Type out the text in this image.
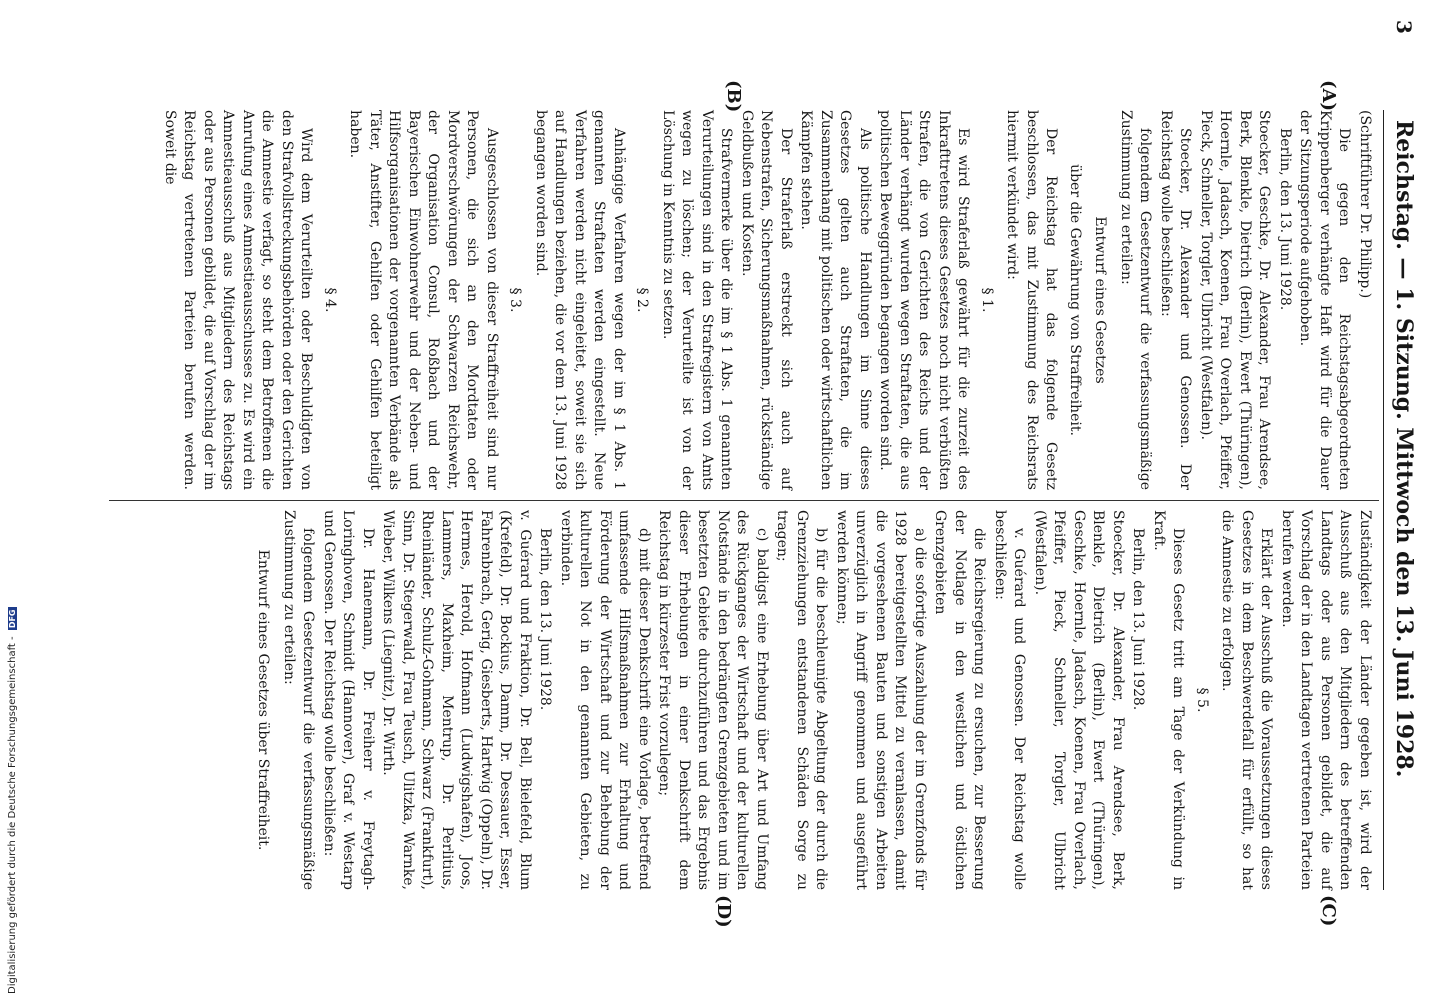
3
Reichstag. — 1. Sitzung. Mittwoch den 13. Juni 1928.
(A)
(B)
(C)
(D)

(Schriftführer Dr. Philipp.)

Die gegen den Reichstagsabgeordneten Krippenberger verhängte Haft wird für die Dauer der Sitzungsperiode aufgehoben.

Berlin, den 13. Juni 1928.

Stoecker, Geschke, Dr. Alexander, Frau Arendsee, Berk, Blenkle, Dietrich (Berlin), Ewert (Thüringen), Hoernle, Jadasch, Koenen, Frau Overlach, Pfeiffer, Pieck, Schneller, Torgler, Ulbricht (Westfalen).

Stoecker, Dr. Alexander und Genossen. Der Reichstag wolle beschließen:

folgendem Gesetzentwurf die verfassungsmäßige Zustimmung zu erteilen:

Entwurf eines Gesetzes

über die Gewährung von Straffreiheit.

Der Reichstag hat das folgende Gesetz beschlossen, das mit Zustimmung des Reichsrats hiermit verkündet wird:

§ 1.

Es wird Straferlaß gewährt für die zurzeit des Inkrafttretens dieses Gesetzes noch nicht verbüßten Strafen, die von Gerichten des Reichs und der Länder verhängt wurden wegen Straftaten, die aus politischen Beweggründen begangen worden sind.

Als politische Handlungen im Sinne dieses Gesetzes gelten auch Straftaten, die im Zusammenhang mit politischen oder wirtschaftlichen Kämpfen stehen.

Der Straferlaß erstreckt sich auch auf Nebenstrafen, Sicherungsmaßnahmen, rückständige Geldbußen und Kosten.

Strafvermerke über die im § 1 Abs. 1 genannten Verurteilungen sind in den Strafregistern von Amts wegen zu löschen; der Verurteilte ist von der Löschung in Kenntnis zu setzen.

§ 2.

Anhängige Verfahren wegen der im § 1 Abs. 1 genannten Straftaten werden eingestellt. Neue Verfahren werden nicht eingeleitet, soweit sie sich auf Handlungen beziehen, die vor dem 13. Juni 1928 begangen worden sind.

§ 3.

Ausgeschlossen von dieser Straffreiheit sind nur Personen, die sich an den Mordtaten oder Mordverschwörungen der Schwarzen Reichswehr, der Organisation Consul, Roßbach und der Bayerischen Einwohnerwehr und der Neben- und Hilfsorganisationen der vorgenannten Verbände als Täter, Anstifter, Gehilfen oder Gehilfen beteiligt haben.

§ 4.

Wird dem Verurteilten oder Beschuldigten von den Strafvollstreckungsbehörden oder den Gerichten die Amnestie verfagt, so steht dem Betroffenen die Anrufung eines Amnestieausschusses zu. Es wird ein Amnestieausschuß aus Mitgliedern des Reichstags oder aus Personen gebildet, die auf Vorschlag der im Reichstag vertretenen Parteien berufen werden. Soweit die

Zuständigkeit der Länder gegeben ist, wird der Ausschuß aus den Mitgliedern des betreffenden Landtags oder aus Personen gebildet, die auf Vorschlag der in den Landtagen vertretenen Parteien berufen werden.

Erklärt der Ausschuß die Voraussetzungen dieses Gesetzes in dem Beschwerdefall für erfüllt, so hat die Amnestie zu erfolgen.

§ 5.

Dieses Gesetz tritt am Tage der Verkündung in Kraft.

Berlin, den 13. Juni 1928.

Stoecker, Dr. Alexander, Frau Arendsee, Berk, Blenkle, Dietrich (Berlin), Ewert (Thüringen), Geschke, Hoernle, Jadasch, Koenen, Frau Overlach, Pfeiffer, Pieck, Schneller, Torgler, Ulbricht (Westfalen).

v. Guérard und Genossen. Der Reichstag wolle beschließen:

die Reichsregierung zu ersuchen, zur Besserung der Notlage in den westlichen und östlichen Grenzgebieten

a) die sofortige Auszahlung der im Grenzfonds für 1928 bereitgestellten Mittel zu veranlassen, damit die vorgesehenen Bauten und sonstigen Arbeiten unverzüglich in Angriff genommen und ausgeführt werden können;

b) für die beschleunigte Abgeltung der durch die Grenzziehungen entstandenen Schäden Sorge zu tragen;

c) baldigst eine Erhebung über Art und Umfang des Rückganges der Wirtschaft und der kulturellen Notstände in den bedrängten Grenzgebieten und im besetzten Gebiete durchzuführen und das Ergebnis dieser Erhebungen in einer Denkschrift dem Reichstag in kürzester Frist vorzulegen;

d) mit dieser Denkschrift eine Vorlage, betreffend umfassende Hilfsmaßnahmen zur Erhaltung und Förderung der Wirtschaft und zur Behebung der kulturellen Not in den genannten Gebieten, zu verbinden.

Berlin, den 13. Juni 1928.

v. Guérard und Fraktion, Dr. Bell, Bielefeld, Blum (Krefeld), Dr. Bockius, Damm, Dr. Dessauer, Esser, Fahrenbrach, Gerig, Giesberts, Hartwig (Oppeln), Dr. Hermes, Herold, Hofmann (Ludwigshafen), Joos, Lammers, Maxheim, Mentrup, Dr. Perlitius, Rheinländer, Schulz-Gohmann, Schwarz (Frankfurt), Sinn, Dr. Stegerwald, Frau Teusch, Ulitzka, Warnke, Wieber, Wilkens (Liegnitz), Dr. Wirth.

Dr. Hanemann, Dr. Freiherr v. Freytagh-Loringhoven, Schmidt (Hannover), Graf v. Westarp und Genossen. Der Reichstag wolle beschließen:

folgendem Gesetzentwurf die verfassungsmäßige Zustimmung zu erteilen:

Entwurf eines Gesetzes über Straffreiheit.

Digitalisierung gefördert durch die Deutsche Forschungsgemeinschaft - DFG
